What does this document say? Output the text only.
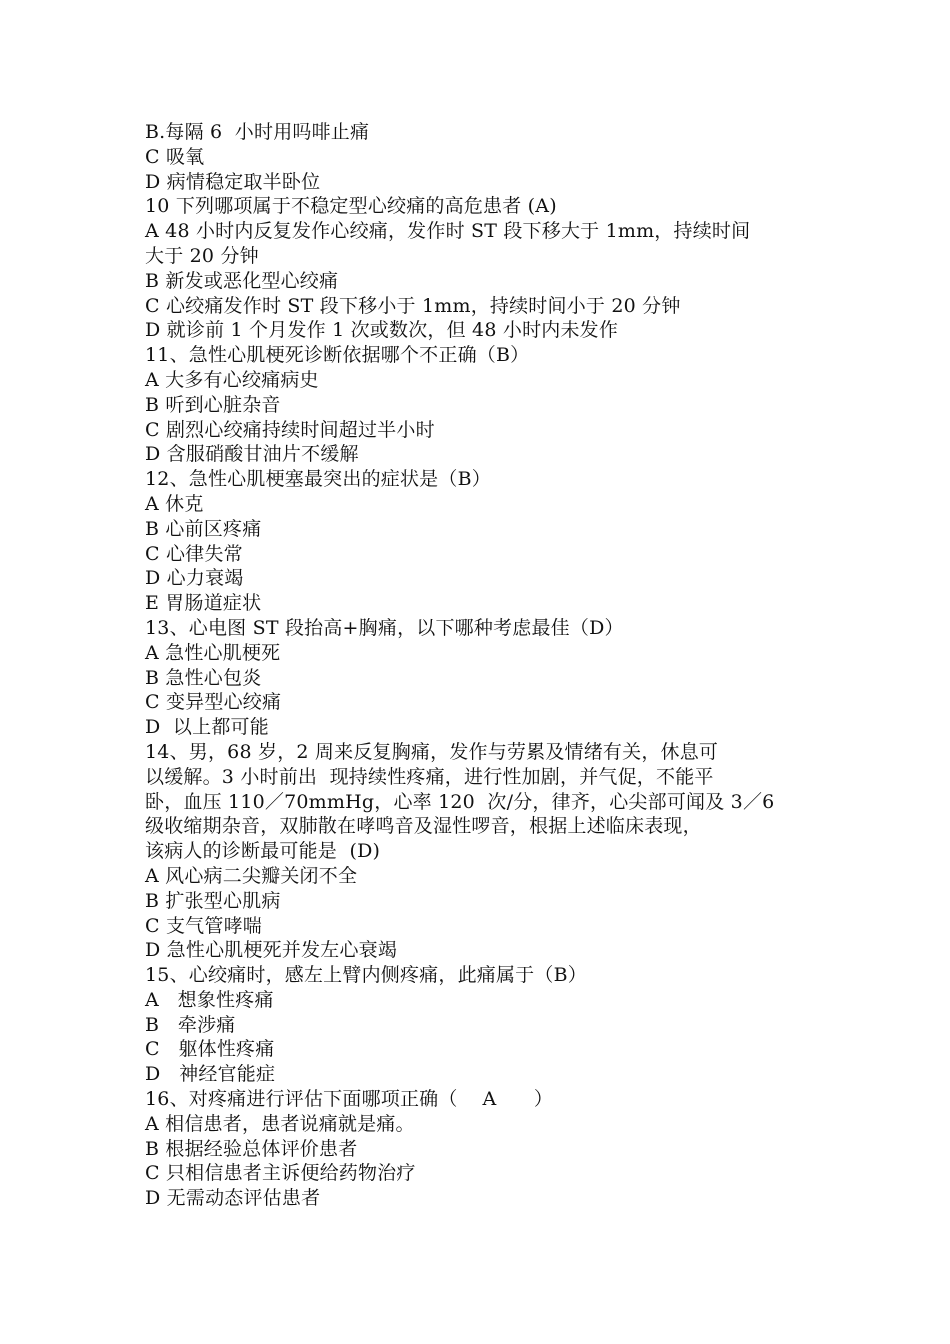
B.每隔 6  小时用吗啡止痛
C 吸氧
D 病情稳定取半卧位
10 下列哪项属于不稳定型心绞痛的高危患者 (A)
A 48 小时内反复发作心绞痛，发作时 ST 段下移大于 1mm，持续时间
大于 20 分钟
B 新发或恶化型心绞痛
C 心绞痛发作时 ST 段下移小于 1mm，持续时间小于 20 分钟
D 就诊前 1 个月发作 1 次或数次，但 48 小时内未发作
11、急性心肌梗死诊断依据哪个不正确（B）
A 大多有心绞痛病史
B 听到心脏杂音
C 剧烈心绞痛持续时间超过半小时
D 含服硝酸甘油片不缓解
12、急性心肌梗塞最突出的症状是（B）
A 休克
B 心前区疼痛
C 心律失常
D 心力衰竭
E 胃肠道症状
13、心电图 ST 段抬高+胸痛，以下哪种考虑最佳（D）
A 急性心肌梗死
B 急性心包炎
C 变异型心绞痛
D  以上都可能
14、男，68 岁，2 周来反复胸痛，发作与劳累及情绪有关，休息可
以缓解。3 小时前出  现持续性疼痛，进行性加剧，并气促，不能平
卧，血压 110／70mmHg，心率 120  次/分，律齐，心尖部可闻及 3／6
级收缩期杂音，双肺散在哮鸣音及湿性啰音，根据上述临床表现，
该病人的诊断最可能是  (D)
A 风心病二尖瓣关闭不全
B 扩张型心肌病
C 支气管哮喘
D 急性心肌梗死并发左心衰竭
15、心绞痛时，感左上臂内侧疼痛，此痛属于（B）
A   想象性疼痛
B   牵涉痛
C   躯体性疼痛
D   神经官能症
16、对疼痛进行评估下面哪项正确（    A      ）
A 相信患者，患者说痛就是痛。
B 根据经验总体评价患者
C 只相信患者主诉便给药物治疗
D 无需动态评估患者
